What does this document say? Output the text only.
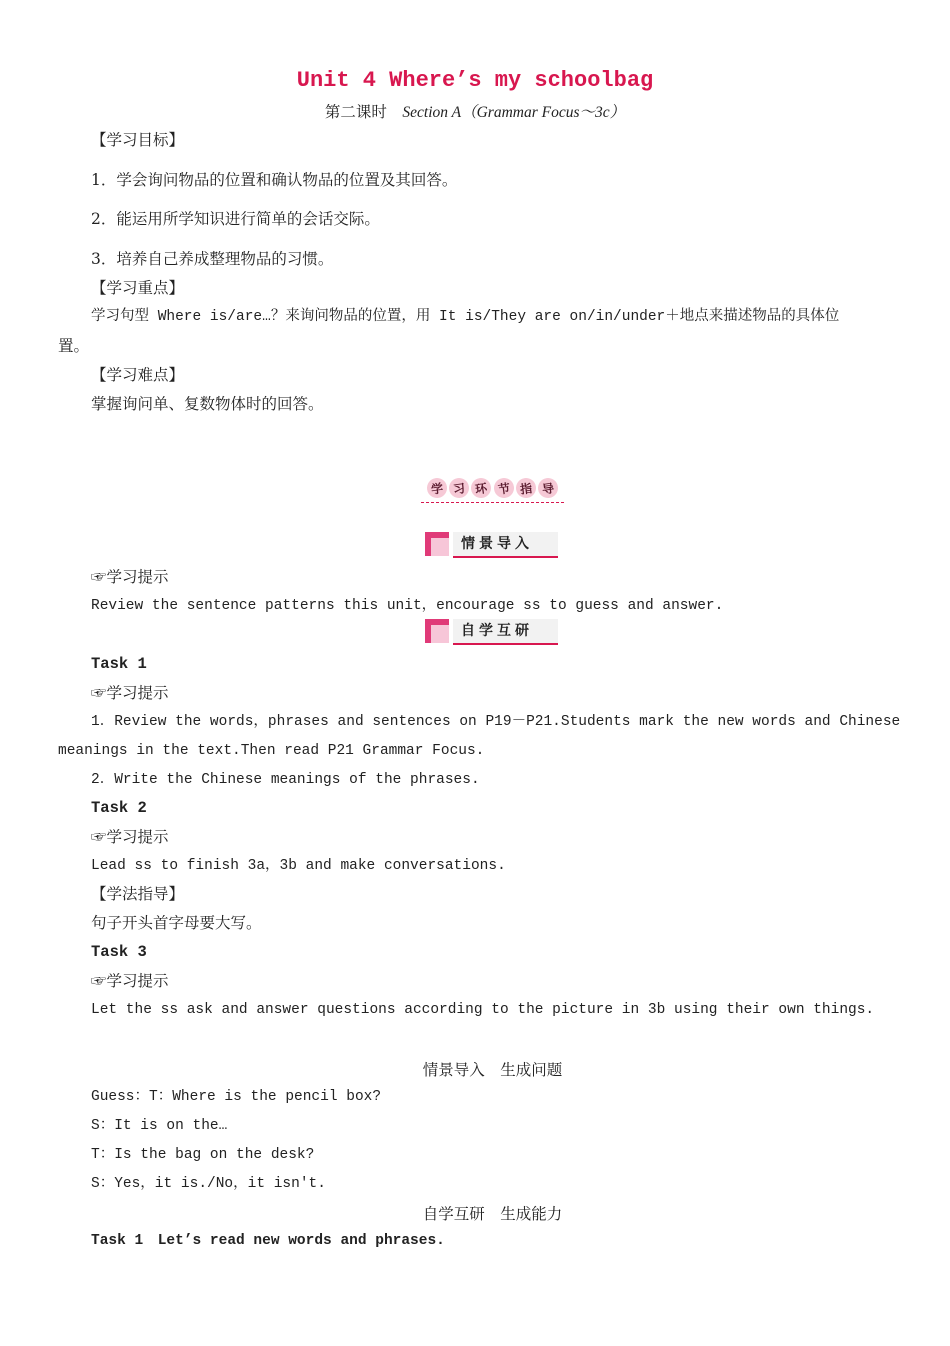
Unit 4 Where’s my schoolbag
第二课时　 Section A（Grammar Focus～3c）
【学习目标】
1．学会询问物品的位置和确认物品的位置及其回答。
2．能运用所学知识进行简单的会话交际。
3．培养自己养成整理物品的习惯。
【学习重点】
学习句型 Where is/are…？来询问物品的位置，用 It is/They are on/in/under＋地点来描述物品的具体位
置。
【学习难点】
掌握询问单、复数物体时的回答。
学 习 环 节 指 导
情景导入
☞学习提示
Review the sentence patterns this unit，encourage ss to guess and answer.
自学互研
Task 1
☞学习提示
1．Review the words，phrases and sentences on P19－P21.Students mark the new words and Chinese
meanings in the text.Then read P21 Grammar Focus.
2．Write the Chinese meanings of the phrases.
Task 2
☞学习提示
Lead ss to finish 3a，3b and make conversations.
【学法指导】
句子开头首字母要大写。
Task 3
☞学习提示
Let the ss ask and answer questions according to the picture in 3b using their own things.
情景导入　生成问题
Guess：T：Where is the pencil box?
S：It is on the…
T：Is the bag on the desk?
S：Yes，it is./No，it isn't.
自学互研　生成能力
Task 1　Let’s read new words and phrases.
